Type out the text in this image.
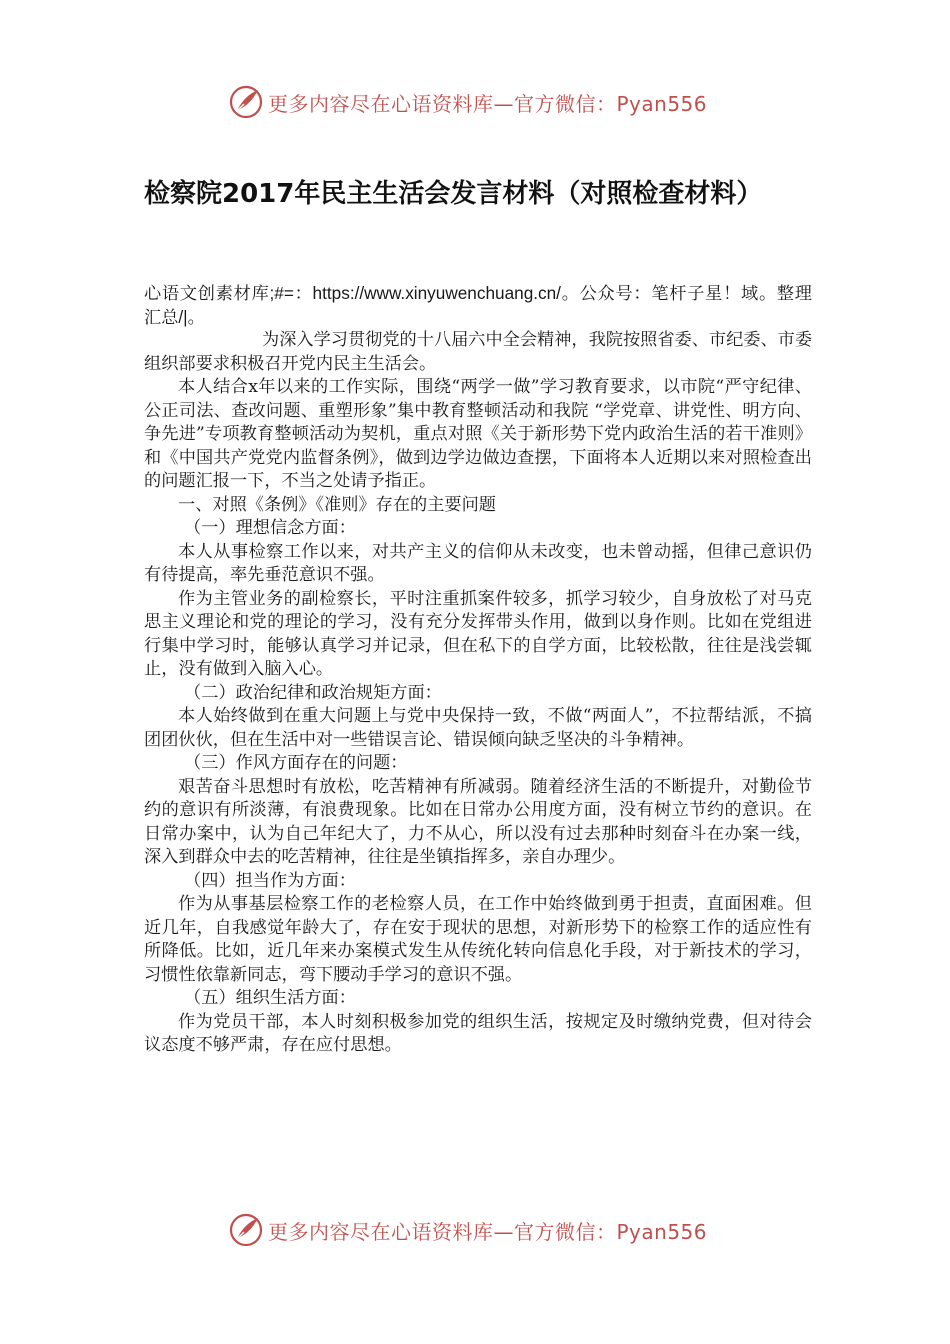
更多内容尽在心语资料库—官方微信：Pyan556
检察院2017年民主生活会发言材料（对照检查材料）

心语文创素材库;#=：https://www.xinyuwenchuang.cn/。公众号：笔杆子星！域。整理汇总/|。

为深入学习贯彻党的十八届六中全会精神，我院按照省委、市纪委、市委组织部要求积极召开党内民主生活会。

本人结合x年以来的工作实际，围绕“两学一做”学习教育要求，以市院“严守纪律、公正司法、查改问题、重塑形象”集中教育整顿活动和我院 “学党章、讲党性、明方向、争先进”专项教育整顿活动为契机，重点对照《关于新形势下党内政治生活的若干准则》和《中国共产党党内监督条例》，做到边学边做边查摆，下面将本人近期以来对照检查出的问题汇报一下，不当之处请予指正。

一、对照《条例》《准则》存在的主要问题

（一）理想信念方面：

本人从事检察工作以来，对共产主义的信仰从未改变，也未曾动摇，但律己意识仍有待提高，率先垂范意识不强。

作为主管业务的副检察长，平时注重抓案件较多，抓学习较少，自身放松了对马克思主义理论和党的理论的学习，没有充分发挥带头作用，做到以身作则。比如在党组进行集中学习时，能够认真学习并记录，但在私下的自学方面，比较松散，往往是浅尝辄止，没有做到入脑入心。

（二）政治纪律和政治规矩方面：

本人始终做到在重大问题上与党中央保持一致，不做“两面人”，不拉帮结派，不搞团团伙伙，但在生活中对一些错误言论、错误倾向缺乏坚决的斗争精神。

（三）作风方面存在的问题：

艰苦奋斗思想时有放松，吃苦精神有所减弱。随着经济生活的不断提升，对勤俭节约的意识有所淡薄，有浪费现象。比如在日常办公用度方面，没有树立节约的意识。在日常办案中，认为自己年纪大了，力不从心，所以没有过去那种时刻奋斗在办案一线，深入到群众中去的吃苦精神，往往是坐镇指挥多，亲自办理少。

（四）担当作为方面：

作为从事基层检察工作的老检察人员，在工作中始终做到勇于担责，直面困难。但近几年，自我感觉年龄大了，存在安于现状的思想，对新形势下的检察工作的适应性有所降低。比如，近几年来办案模式发生从传统化转向信息化手段，对于新技术的学习，习惯性依靠新同志，弯下腰动手学习的意识不强。

（五）组织生活方面：

作为党员干部，本人时刻积极参加党的组织生活，按规定及时缴纳党费，但对待会议态度不够严肃，存在应付思想。

更多内容尽在心语资料库—官方微信：Pyan556
